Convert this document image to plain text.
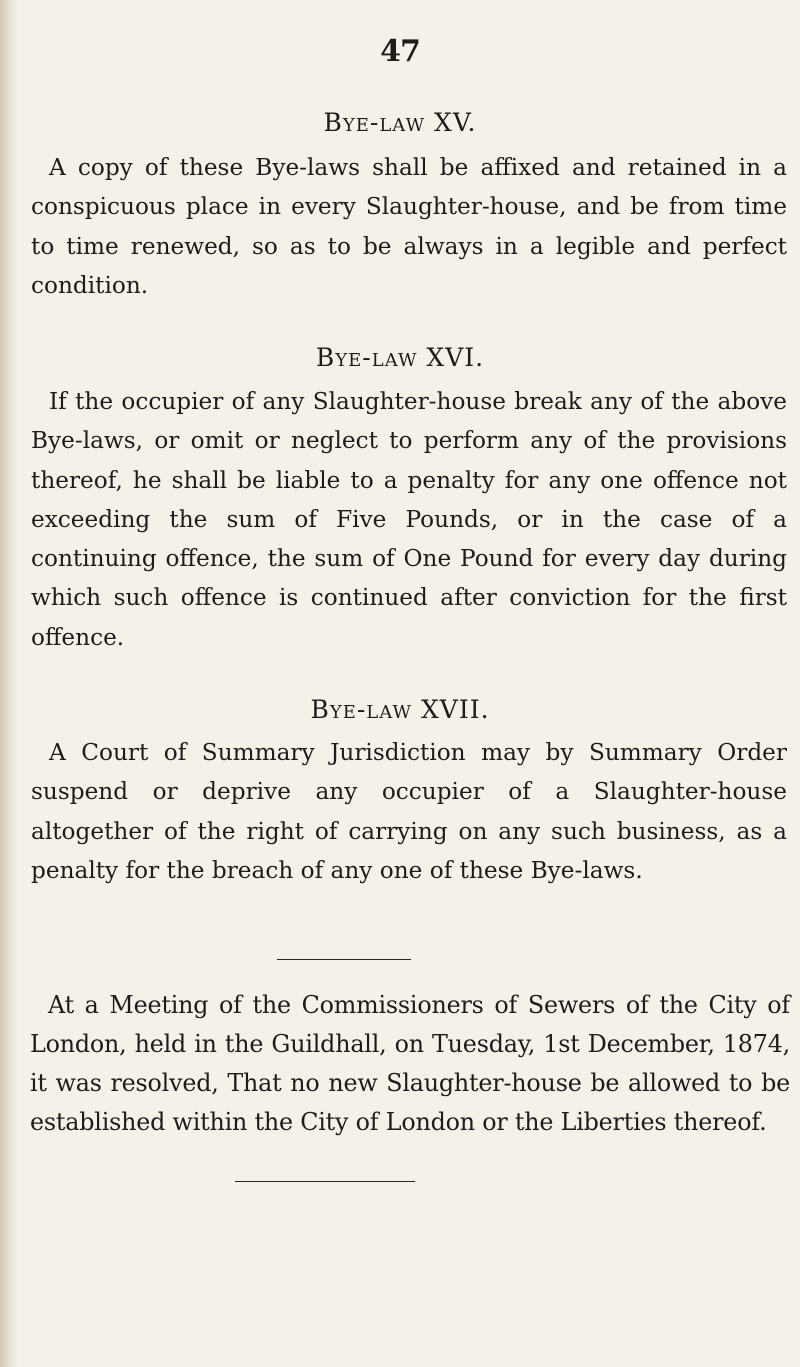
47
Bye-law XV.

A copy of these Bye-laws shall be affixed and retained in a conspicuous place in every Slaughter-house, and be from time to time renewed, so as to be always in a legible and perfect condition.

Bye-law XVI.

If the occupier of any Slaughter-house break any of the above Bye-laws, or omit or neglect to perform any of the provisions thereof, he shall be liable to a penalty for any one offence not exceeding the sum of Five Pounds, or in the case of a continuing offence, the sum of One Pound for every day during which such offence is continued after conviction for the first offence.

Bye-law XVII.

A Court of Summary Jurisdiction may by Summary Order suspend or deprive any occupier of a Slaughter-house altogether of the right of carrying on any such business, as a penalty for the breach of any one of these Bye-laws.

At a Meeting of the Commissioners of Sewers of the City of London, held in the Guildhall, on Tuesday, 1st December, 1874, it was resolved, That no new Slaughter-house be allowed to be established within the City of London or the Liberties thereof.
